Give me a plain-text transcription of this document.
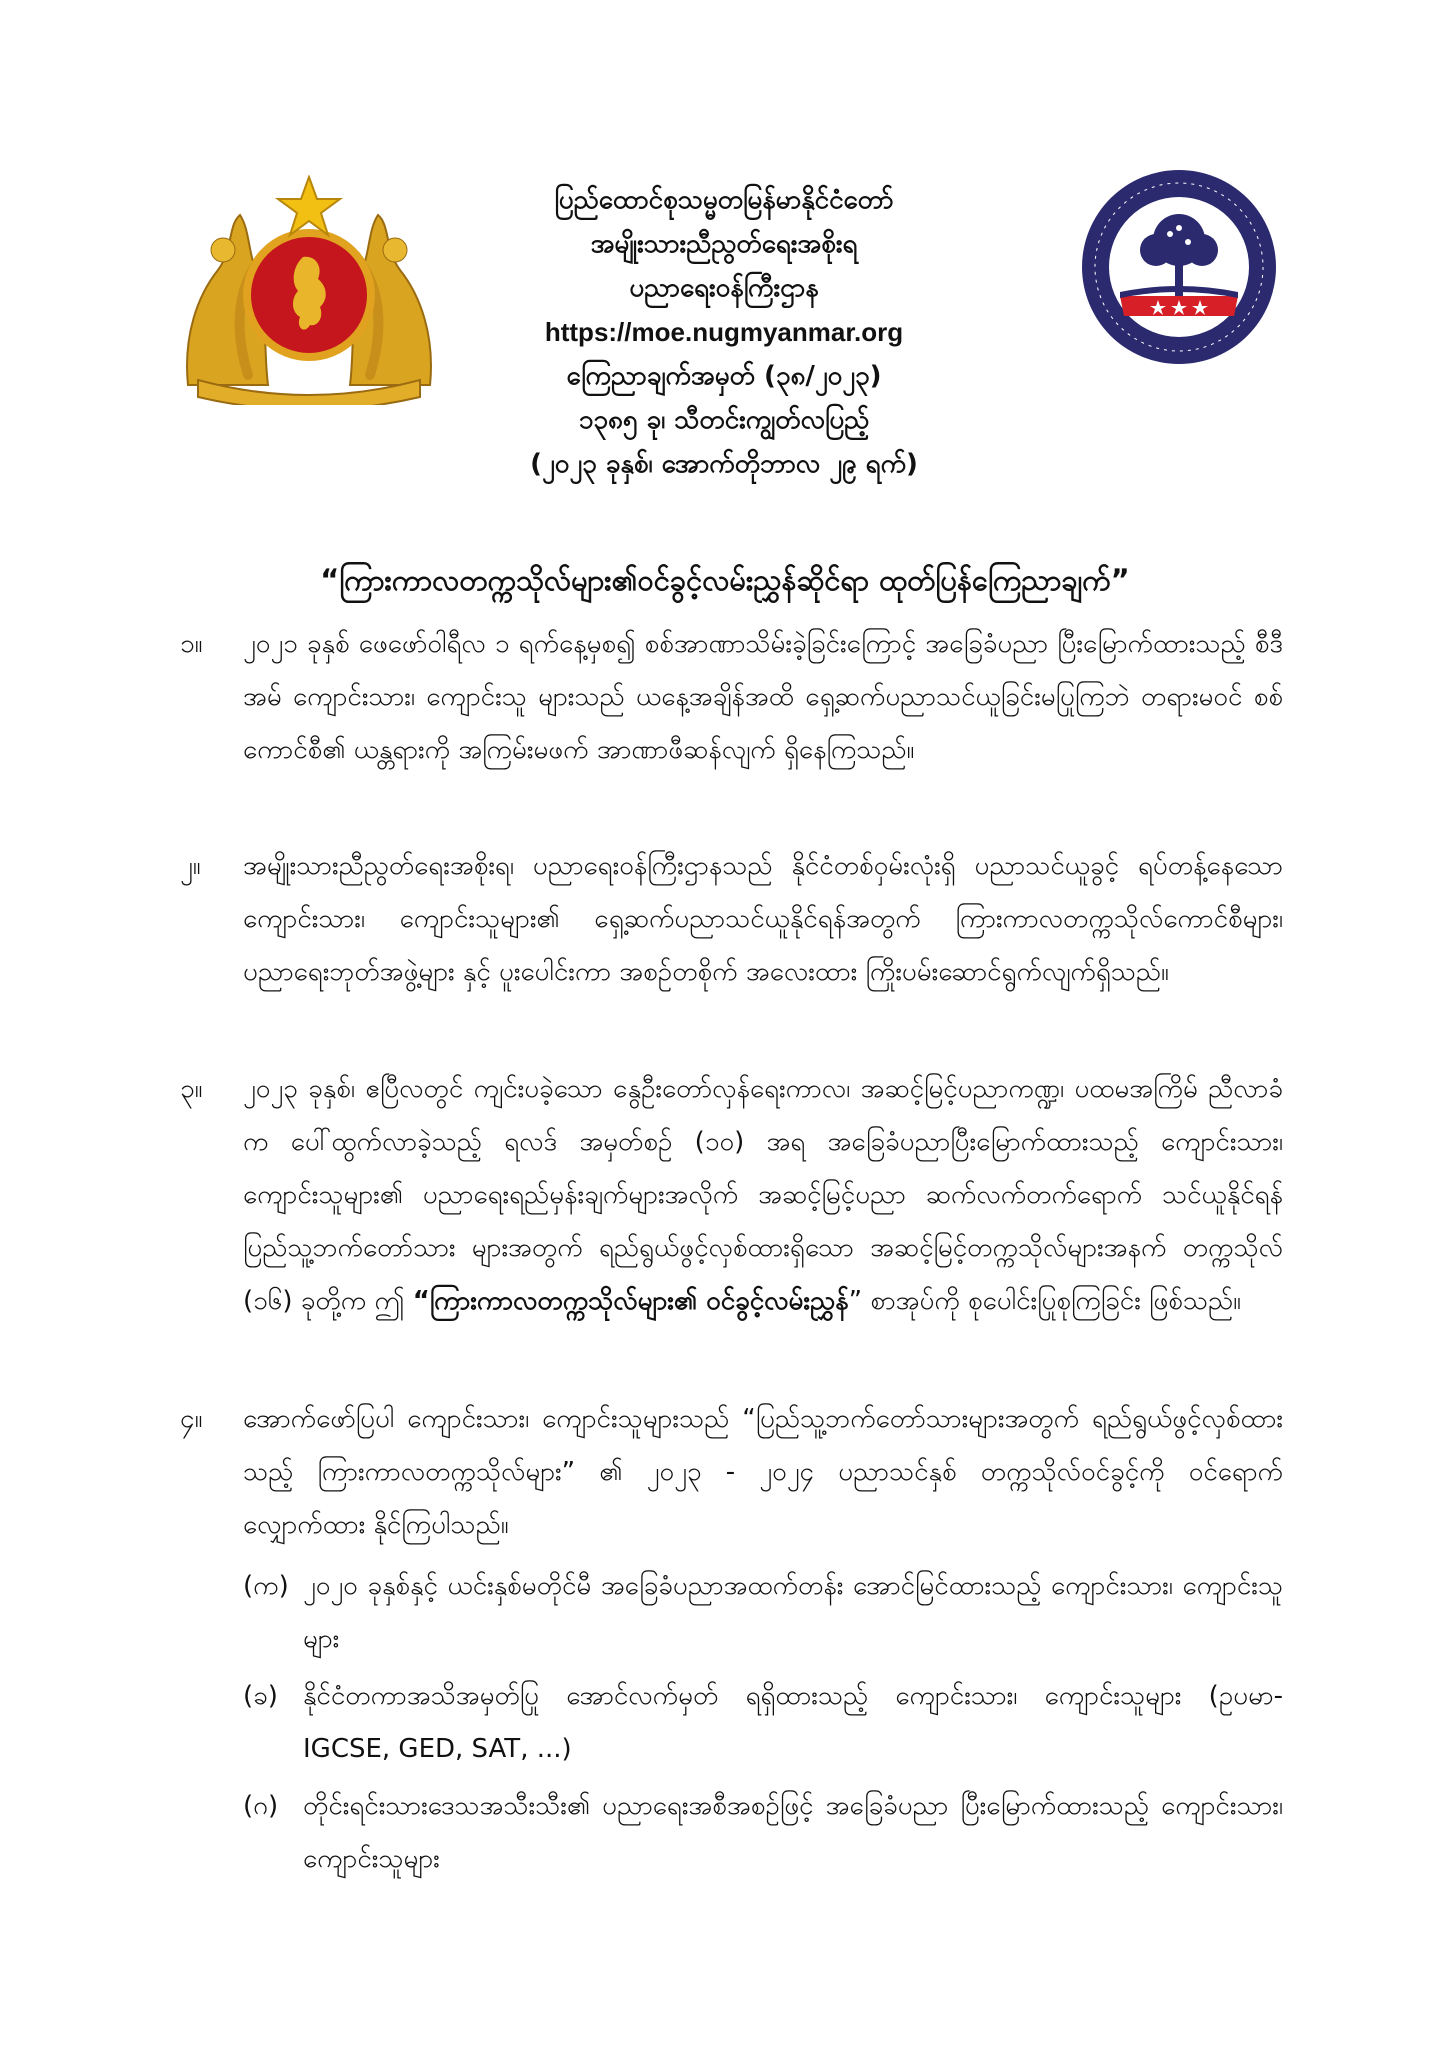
ပြည်ထောင်စုသမ္မတမြန်မာနိုင်ငံတော်
အမျိုးသားညီညွတ်ရေးအစိုးရ
ပညာရေးဝန်ကြီးဌာန
https://moe.nugmyanmar.org
ကြေညာချက်အမှတ် (၃၈/၂၀၂၃)
၁၃၈၅ ခု၊ သီတင်းကျွတ်လပြည့်
(၂၀၂၃ ခုနှစ်၊ အောက်တိုဘာလ ၂၉ ရက်)
“ကြားကာလတက္ကသိုလ်များ၏ဝင်ခွင့်လမ်းညွှန်ဆိုင်ရာ ထုတ်ပြန်ကြေညာချက်”
၁။ ၂၀၂၁ ခုနှစ် ဖေဖော်ဝါရီလ ၁ ရက်နေ့မှစ၍ စစ်အာဏာသိမ်းခဲ့ခြင်းကြောင့် အခြေခံပညာ ပြီးမြောက်ထားသည့် စီဒီအမ် ကျောင်းသား၊ ကျောင်းသူ များသည် ယနေ့အချိန်အထိ ရှေ့ဆက်ပညာသင်ယူခြင်းမပြုကြဘဲ တရားမဝင် စစ်ကောင်စီ၏ ယန္တရားကို အကြမ်းမဖက် အာဏာဖီဆန်လျက် ရှိနေကြသည်။
၂။ အမျိုးသားညီညွတ်ရေးအစိုးရ၊ ပညာရေးဝန်ကြီးဌာနသည် နိုင်ငံတစ်ဝှမ်းလုံးရှိ ပညာသင်ယူခွင့် ရပ်တန့်နေသော ကျောင်းသား၊ ကျောင်းသူများ၏ ရှေ့ဆက်ပညာသင်ယူနိုင်ရန်အတွက် ကြားကာလတက္ကသိုလ်ကောင်စီများ၊ ပညာရေးဘုတ်အဖွဲ့များ နှင့် ပူးပေါင်းကာ အစဉ်တစိုက် အလေးထား ကြိုးပမ်းဆောင်ရွက်လျက်ရှိသည်။
၃။ ၂၀၂၃ ခုနှစ်၊ ဧပြီလတွင် ကျင်းပခဲ့သော နွေဦးတော်လှန်ရေးကာလ၊ အဆင့်မြင့်ပညာကဏ္ဍ၊ ပထမအကြိမ် ညီလာခံက ပေါ်ထွက်လာခဲ့သည့် ရလဒ် အမှတ်စဉ် (၁၀) အရ အခြေခံပညာပြီးမြောက်ထားသည့် ကျောင်းသား၊ ကျောင်းသူများ၏ ပညာရေးရည်မှန်းချက်များအလိုက် အဆင့်မြင့်ပညာ ဆက်လက်တက်ရောက် သင်ယူနိုင်ရန် ပြည်သူ့ဘက်တော်သား များအတွက် ရည်ရွယ်ဖွင့်လှစ်ထားရှိသော အဆင့်မြင့်တက္ကသိုလ်များအနက် တက္ကသိုလ် (၁၆) ခုတို့က ဤ “ကြားကာလတက္ကသိုလ်များ၏ ဝင်ခွင့်လမ်းညွှန်” စာအုပ်ကို စုပေါင်းပြုစုကြခြင်း ဖြစ်သည်။
၄။ အောက်ဖော်ပြပါ ကျောင်းသား၊ ကျောင်းသူများသည် “ပြည်သူ့ဘက်တော်သားများအတွက် ရည်ရွယ်ဖွင့်လှစ်ထားသည့် ကြားကာလတက္ကသိုလ်များ” ၏ ၂၀၂၃ - ၂၀၂၄ ပညာသင်နှစ် တက္ကသိုလ်ဝင်ခွင့်ကို ဝင်ရောက် လျှောက်ထား နိုင်ကြပါသည်။
(က) ၂၀၂၀ ခုနှစ်နှင့် ယင်းနှစ်မတိုင်မီ အခြေခံပညာအထက်တန်း အောင်မြင်ထားသည့် ကျောင်းသား၊ ကျောင်းသူများ
(ခ) နိုင်ငံတကာအသိအမှတ်ပြု အောင်လက်မှတ် ရရှိထားသည့် ကျောင်းသား၊ ကျောင်းသူများ (ဥပမာ- IGCSE, GED, SAT, ...)
(ဂ) တိုင်းရင်းသားဒေသအသီးသီး၏ ပညာရေးအစီအစဉ်ဖြင့် အခြေခံပညာ ပြီးမြောက်ထားသည့် ကျောင်းသား၊ ကျောင်းသူများ
